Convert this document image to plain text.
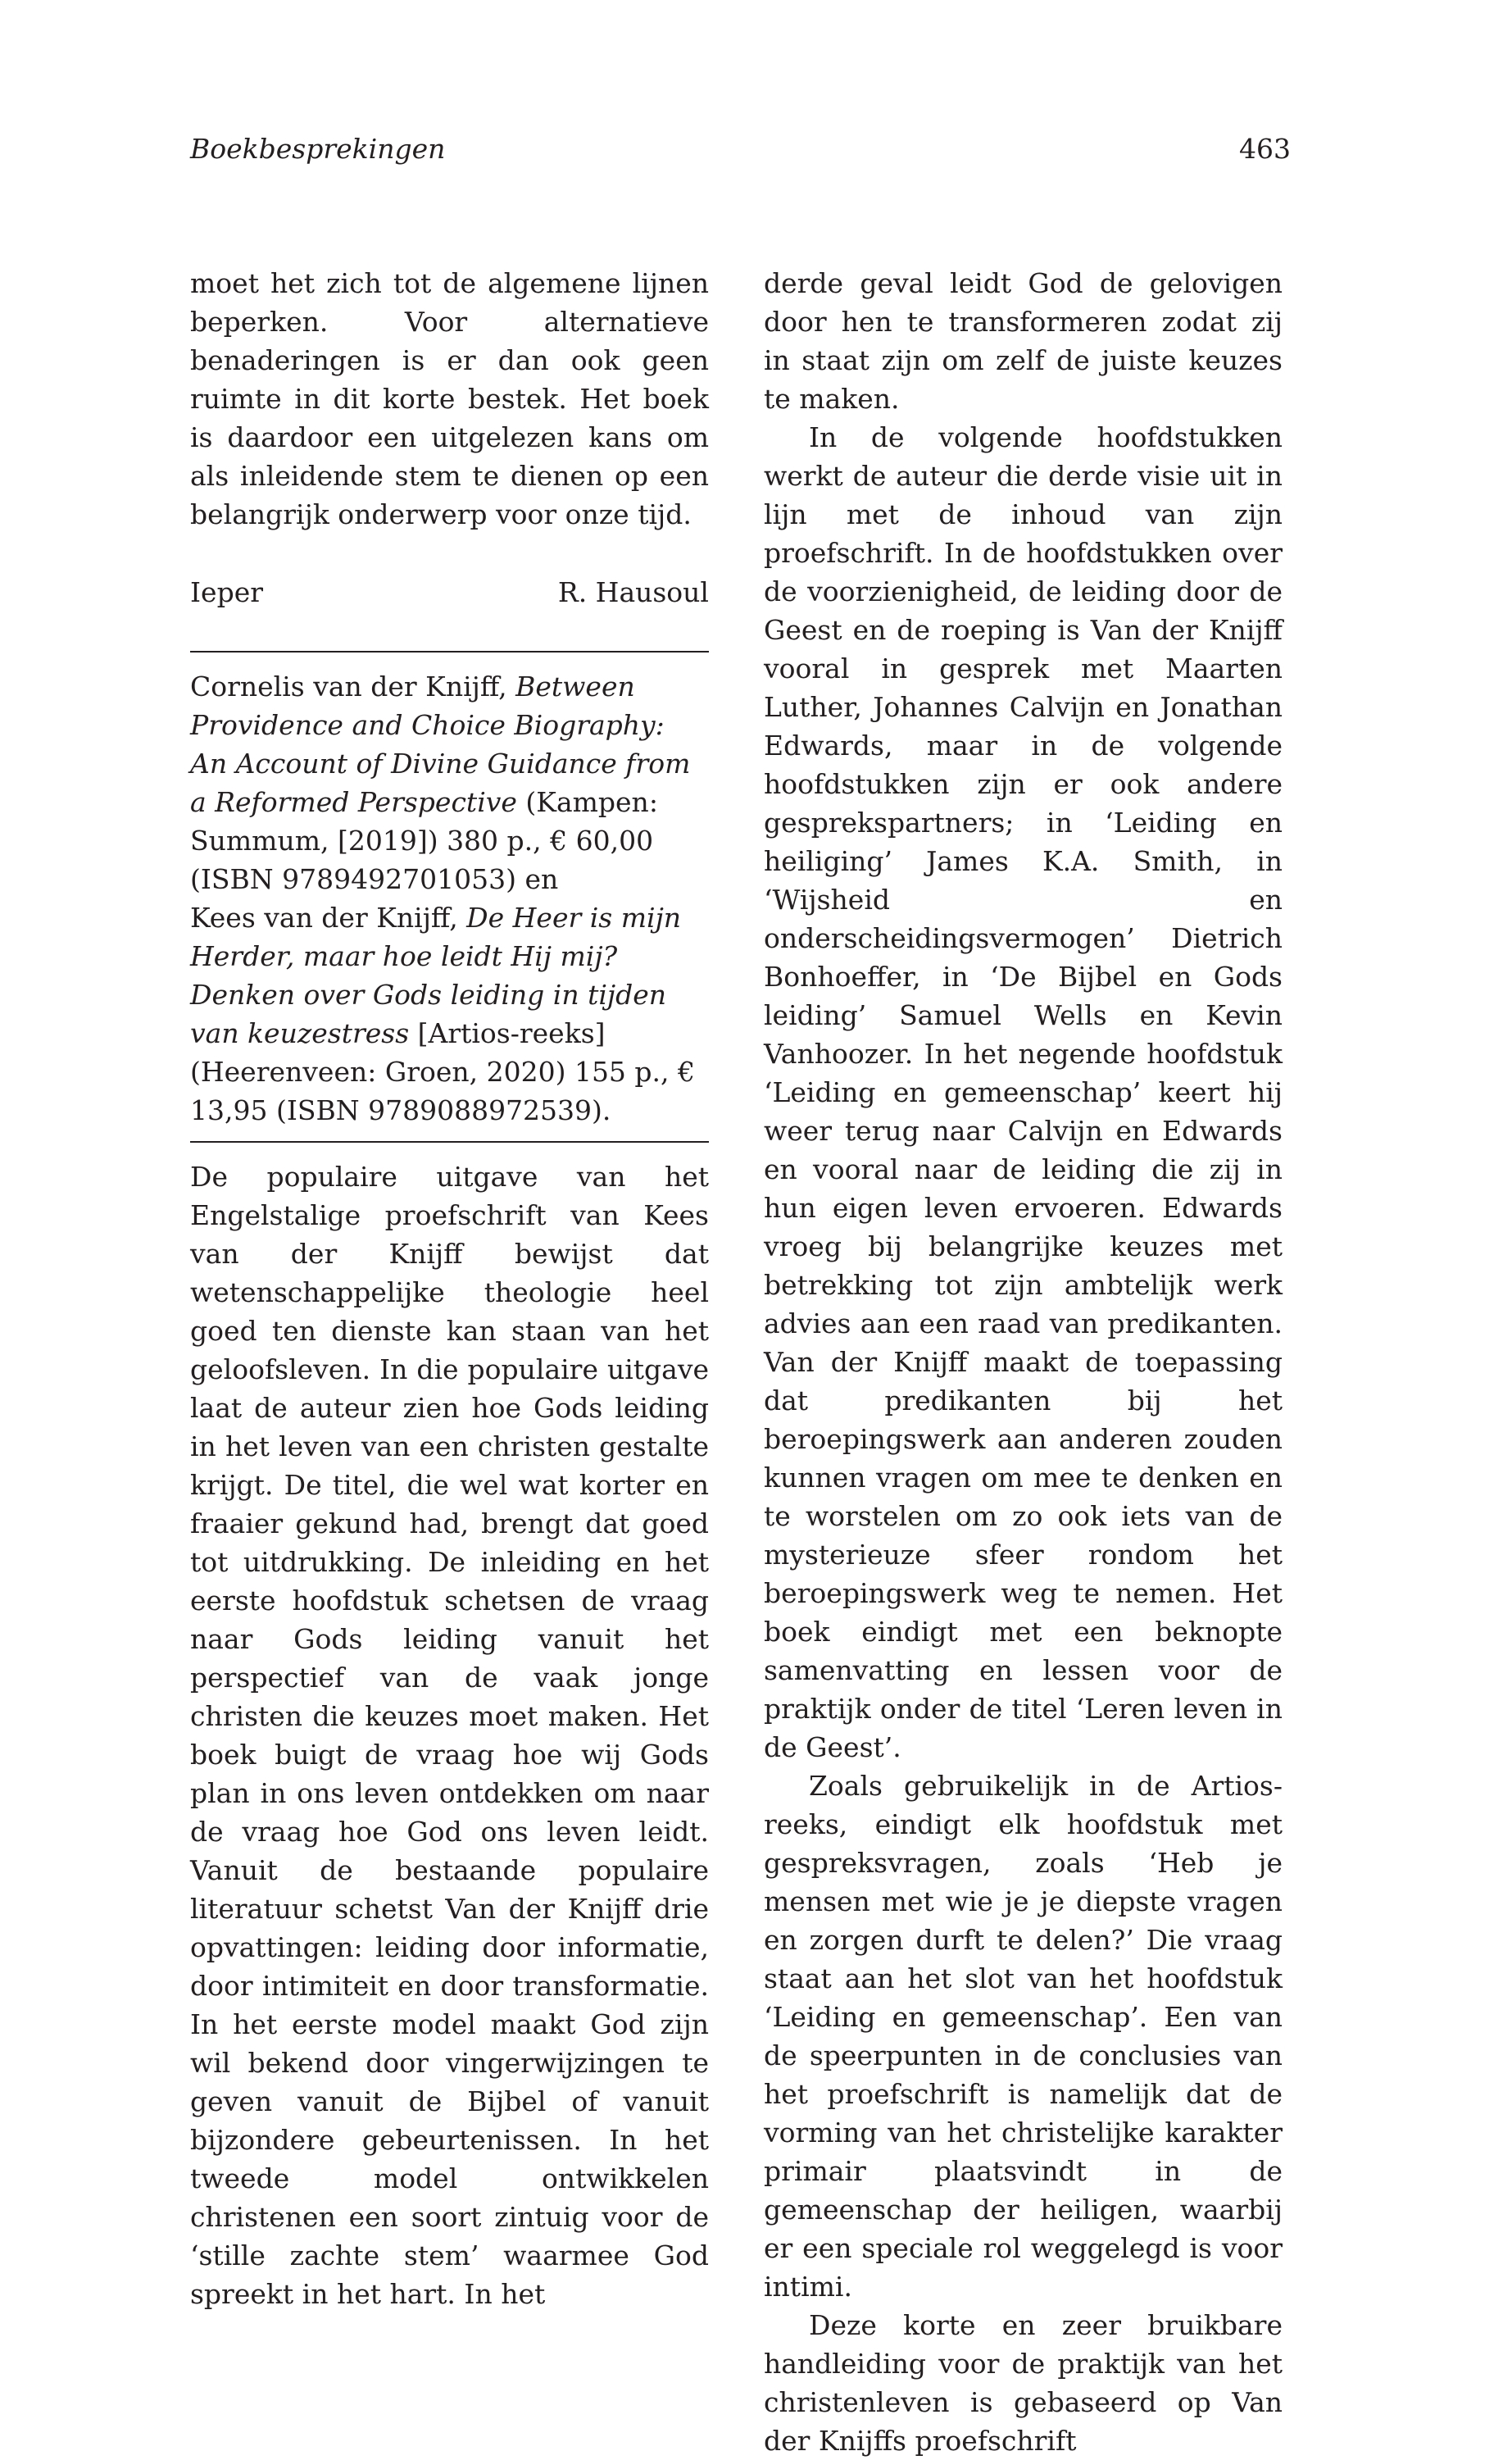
Boekbesprekingen	463

moet het zich tot de algemene lijnen beperken. Voor alternatieve benaderingen is er dan ook geen ruimte in dit korte bestek. Het boek is daardoor een uitgelezen kans om als inleidende stem te dienen op een belangrijk onderwerp voor onze tijd.

Ieper	R. Hausoul

Cornelis van der Knijff, Between Providence and Choice Biography: An Account of Divine Guidance from a Reformed Perspective (Kampen: Summum, [2019]) 380 p., € 60,00 (ISBN 9789492701053) en
Kees van der Knijff, De Heer is mijn Herder, maar hoe leidt Hij mij? Denken over Gods leiding in tijden van keuzestress [Artios-reeks] (Heerenveen: Groen, 2020) 155 p., € 13,95 (ISBN 9789088972539).

De populaire uitgave van het Engelstalige proefschrift van Kees van der Knijff bewijst dat wetenschappelijke theologie heel goed ten dienste kan staan van het geloofsleven. In die populaire uitgave laat de auteur zien hoe Gods leiding in het leven van een christen gestalte krijgt. De titel, die wel wat korter en fraaier gekund had, brengt dat goed tot uitdrukking. De inleiding en het eerste hoofdstuk schetsen de vraag naar Gods leiding vanuit het perspectief van de vaak jonge christen die keuzes moet maken. Het boek buigt de vraag hoe wij Gods plan in ons leven ontdekken om naar de vraag hoe God ons leven leidt. Vanuit de bestaande populaire literatuur schetst Van der Knijff drie opvattingen: leiding door informatie, door intimiteit en door transformatie. In het eerste model maakt God zijn wil bekend door vingerwijzingen te geven vanuit de Bijbel of vanuit bijzondere gebeurtenissen. In het tweede model ontwikkelen christenen een soort zintuig voor de ‘stille zachte stem’ waarmee God spreekt in het hart. In het

derde geval leidt God de gelovigen door hen te transformeren zodat zij in staat zijn om zelf de juiste keuzes te maken.

In de volgende hoofdstukken werkt de auteur die derde visie uit in lijn met de inhoud van zijn proefschrift. In de hoofdstukken over de voorzienigheid, de leiding door de Geest en de roeping is Van der Knijff vooral in gesprek met Maarten Luther, Johannes Calvijn en Jonathan Edwards, maar in de volgende hoofdstukken zijn er ook andere gesprekspartners; in ‘Leiding en heiliging’ James K.A. Smith, in ‘Wijsheid en onderscheidingsvermogen’ Dietrich Bonhoeffer, in ‘De Bijbel en Gods leiding’ Samuel Wells en Kevin Vanhoozer. In het negende hoofdstuk ‘Leiding en gemeenschap’ keert hij weer terug naar Calvijn en Edwards en vooral naar de leiding die zij in hun eigen leven ervoeren. Edwards vroeg bij belangrijke keuzes met betrekking tot zijn ambtelijk werk advies aan een raad van predikanten. Van der Knijff maakt de toepassing dat predikanten bij het beroepingswerk aan anderen zouden kunnen vragen om mee te denken en te worstelen om zo ook iets van de mysterieuze sfeer rondom het beroepingswerk weg te nemen. Het boek eindigt met een beknopte samenvatting en lessen voor de praktijk onder de titel ‘Leren leven in de Geest’.

Zoals gebruikelijk in de Artios-reeks, eindigt elk hoofdstuk met gespreksvragen, zoals ‘Heb je mensen met wie je je diepste vragen en zorgen durft te delen?’ Die vraag staat aan het slot van het hoofdstuk ‘Leiding en gemeenschap’. Een van de speerpunten in de conclusies van het proefschrift is namelijk dat de vorming van het christelijke karakter primair plaatsvindt in de gemeenschap der heiligen, waarbij er een speciale rol weggelegd is voor intimi.

Deze korte en zeer bruikbare handleiding voor de praktijk van het christenleven is gebaseerd op Van der Knijffs proefschrift
